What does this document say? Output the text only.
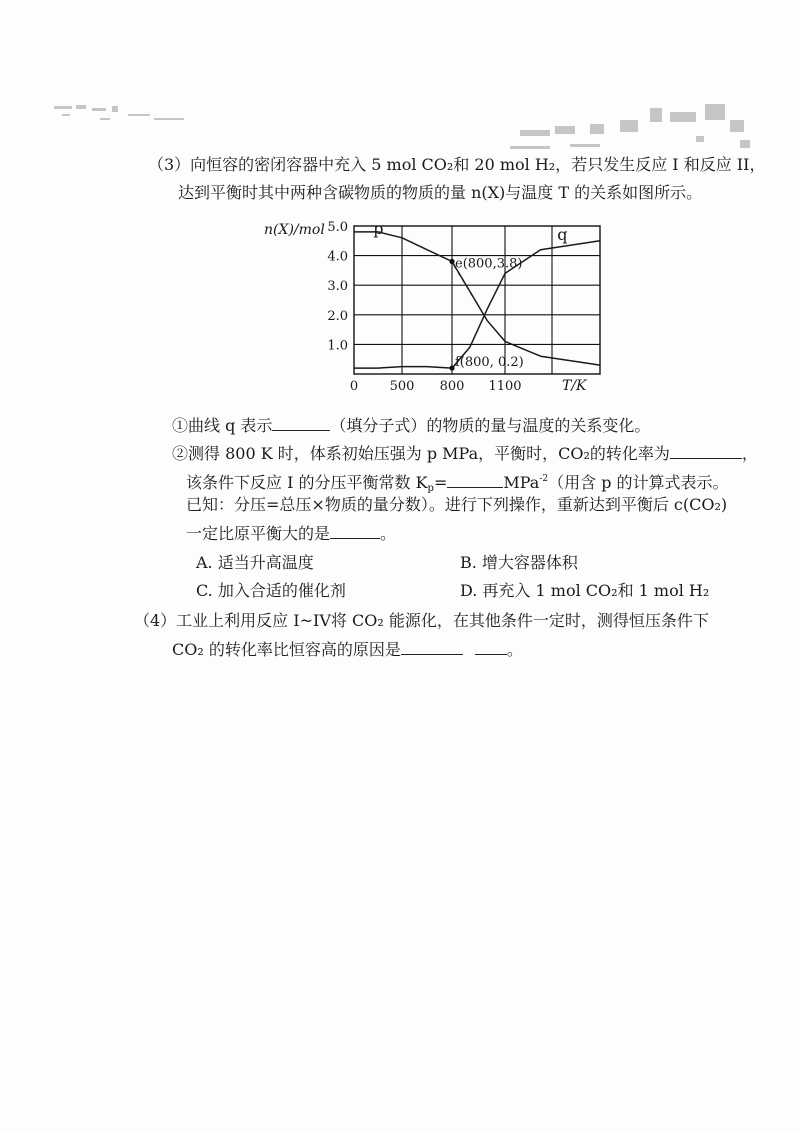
（3）向恒容的密闭容器中充入 5 mol CO₂和 20 mol H₂，若只发生反应 I 和反应 II，
达到平衡时其中两种含碳物质的物质的量 n(X)与温度 T 的关系如图所示。
n(X)/mol
T/K
1.0
2.0
3.0
4.0
5.0
0 500 800 1100
p	q
e(800,3.8)
f(800, 0.2)
①曲线 q 表示	（填分子式）的物质的量与温度的关系变化。
②测得 800 K 时，体系初始压强为 p MPa，平衡时，CO₂的转化率为	，
该条件下反应 I 的分压平衡常数 $K_p=$	MPa$^{-2}$（用含 p 的计算式表示。
已知：分压=总压×物质的量分数）。进行下列操作，重新达到平衡后 c(CO₂)
一定比原平衡大的是	。
A. 适当升高温度	B. 增大容器体积
C. 加入合适的催化剂	D. 再充入 1 mol CO₂和 1 mol H₂
（4）工业上利用反应 I~IV将 CO₂ 能源化，在其他条件一定时，测得恒压条件下
CO₂ 的转化率比恒容高的原因是	。
